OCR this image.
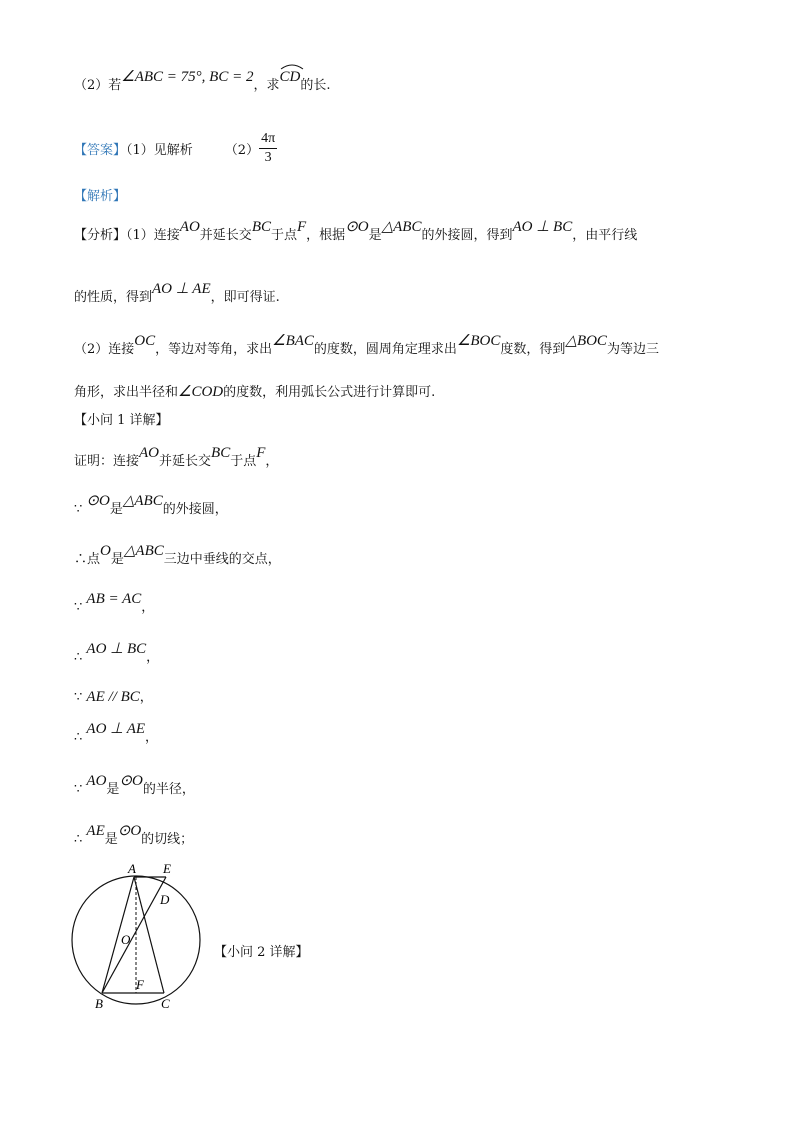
（2）若∠ABC = 75°, BC = 2，求
CD的长.
【答案】（1）见解析 $(2) \frac{4\pi}{3}$
【解析】
【分析】（1）连接AO并延长交BC于点F，根据⊙O是△ABC的外接圆，得到AO ⊥ BC，由平行线
的性质，得到AO ⊥ AE，即可得证.
（2）连接OC，等边对等角，求出∠BAC的度数，圆周角定理求出∠BOC度数，得到△BOC为等边三
角形，求出半径和∠COD的度数，利用弧长公式进行计算即可.
【小问 1 详解】
证明：连接AO并延长交BC于点F，
∵ ⊙O是△ABC的外接圆，
∴点O是△ABC三边中垂线的交点，
∵ AB = AC，
∴ AO ⊥ BC，
∵ AE // BC，
∴ AO ⊥ AE，
∵ AO是⊙O的半径，
∴ AE是⊙O的切线；
A E
D
O
F
B	C
【小问 2 详解】
